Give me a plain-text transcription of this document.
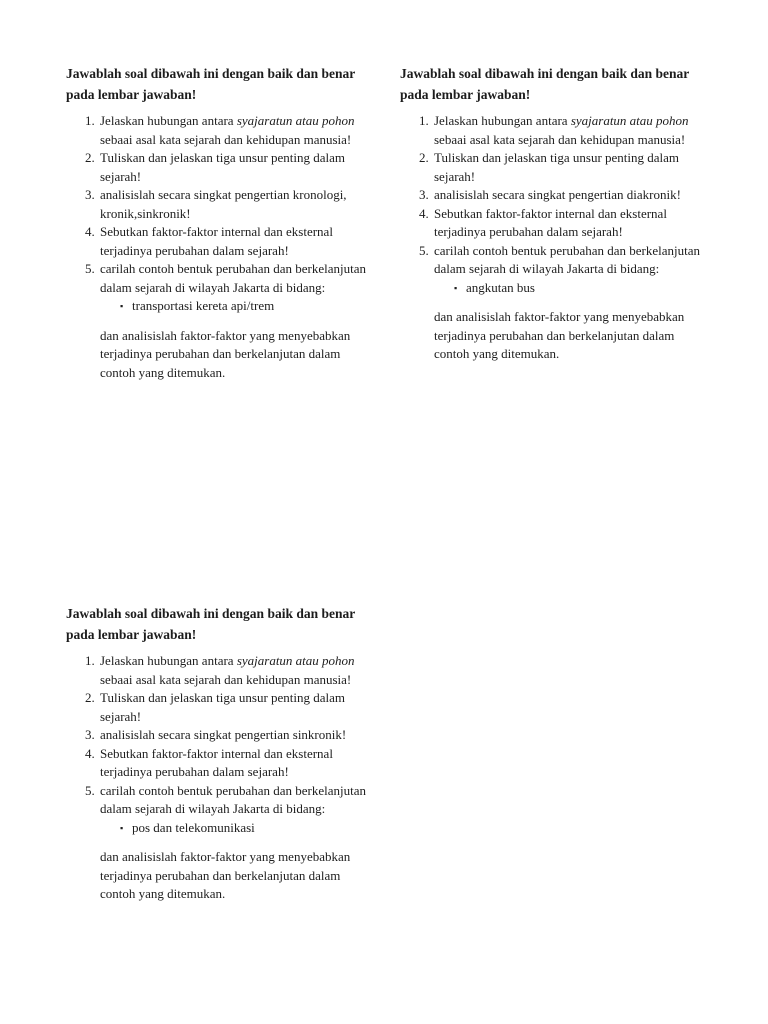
Jawablah soal dibawah ini dengan baik dan benar pada lembar jawaban!
1. Jelaskan hubungan antara syajaratun atau pohon sebaai asal kata sejarah dan kehidupan manusia!
2. Tuliskan dan jelaskan tiga unsur penting dalam sejarah!
3. analisislah secara singkat pengertian kronologi, kronik,sinkronik!
4. Sebutkan faktor-faktor internal dan eksternal terjadinya perubahan dalam sejarah!
5. carilah contoh bentuk perubahan dan berkelanjutan dalam sejarah di wilayah Jakarta di bidang:
▪ transportasi kereta api/trem

dan analisislah faktor-faktor yang menyebabkan terjadinya perubahan dan berkelanjutan dalam contoh yang ditemukan.

Jawablah soal dibawah ini dengan baik dan benar pada lembar jawaban!
1. Jelaskan hubungan antara syajaratun atau pohon sebaai asal kata sejarah dan kehidupan manusia!
2. Tuliskan dan jelaskan tiga unsur penting dalam sejarah!
3. analisislah secara singkat pengertian diakronik!
4. Sebutkan faktor-faktor internal dan eksternal terjadinya perubahan dalam sejarah!
5. carilah contoh bentuk perubahan dan berkelanjutan dalam sejarah di wilayah Jakarta di bidang:
▪ angkutan bus

dan analisislah faktor-faktor yang menyebabkan terjadinya perubahan dan berkelanjutan dalam contoh yang ditemukan.

Jawablah soal dibawah ini dengan baik dan benar pada lembar jawaban!
1. Jelaskan hubungan antara syajaratun atau pohon sebaai asal kata sejarah dan kehidupan manusia!
2. Tuliskan dan jelaskan tiga unsur penting dalam sejarah!
3. analisislah secara singkat pengertian sinkronik!
4. Sebutkan faktor-faktor internal dan eksternal terjadinya perubahan dalam sejarah!
5. carilah contoh bentuk perubahan dan berkelanjutan dalam sejarah di wilayah Jakarta di bidang:
▪ pos dan telekomunikasi

dan analisislah faktor-faktor yang menyebabkan terjadinya perubahan dan berkelanjutan dalam contoh yang ditemukan.
